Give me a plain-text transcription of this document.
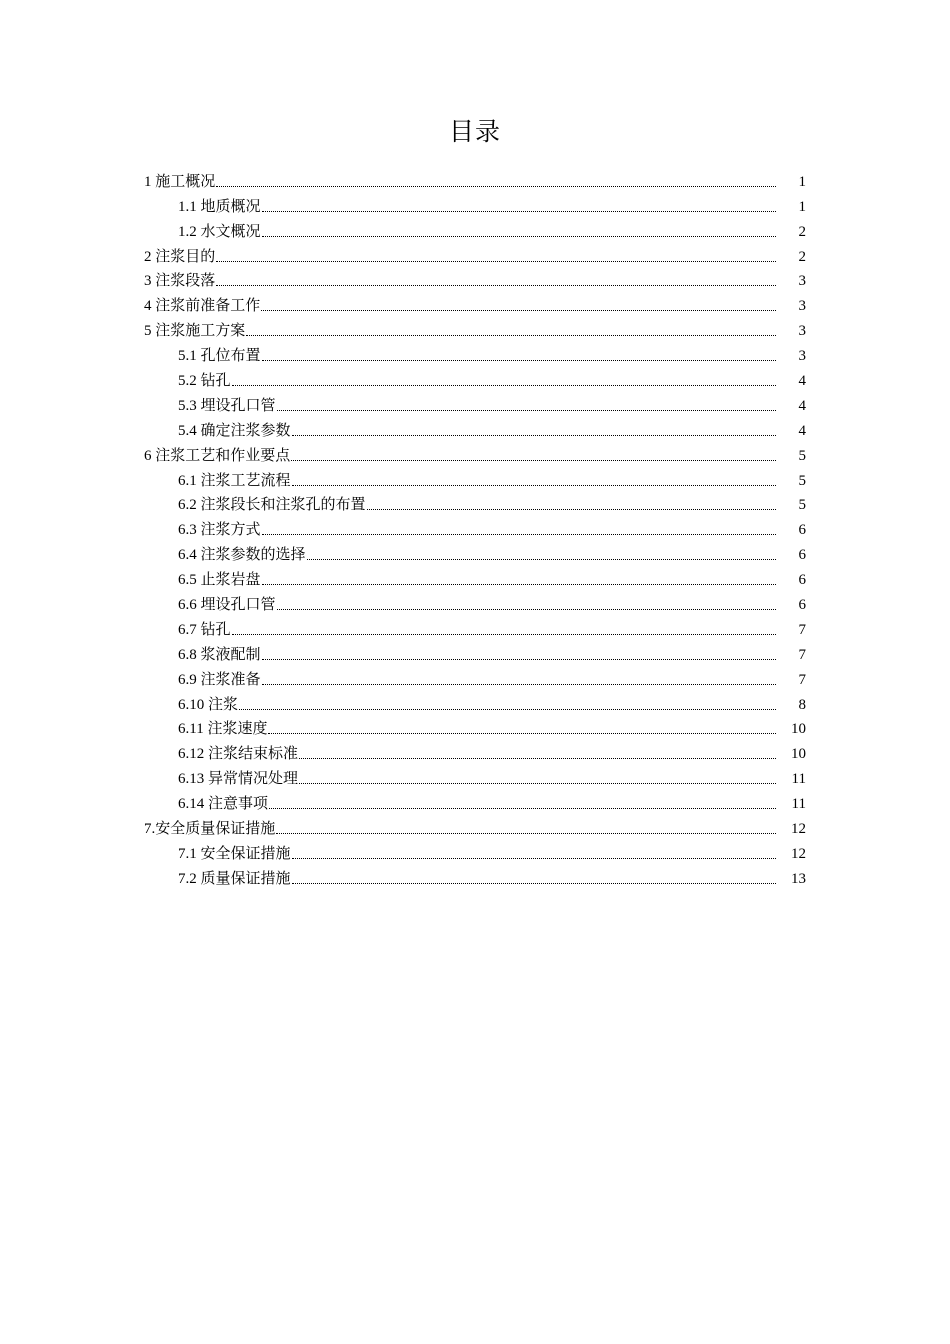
目录
1 施工概况	1
1.1 地质概况	1
1.2 水文概况	2
2 注浆目的	2
3 注浆段落	3
4 注浆前准备工作	3
5 注浆施工方案	3
5.1 孔位布置	3
5.2 钻孔	4
5.3 埋设孔口管	4
5.4 确定注浆参数	4
6 注浆工艺和作业要点	5
6.1 注浆工艺流程	5
6.2 注浆段长和注浆孔的布置	5
6.3 注浆方式	6
6.4 注浆参数的选择	6
6.5 止浆岩盘	6
6.6 埋设孔口管	6
6.7 钻孔	7
6.8 浆液配制	7
6.9 注浆准备	7
6.10 注浆	8
6.11 注浆速度	10
6.12 注浆结束标准	10
6.13 异常情况处理	11
6.14 注意事项	11
7.安全质量保证措施	12
7.1 安全保证措施	12
7.2 质量保证措施	13
